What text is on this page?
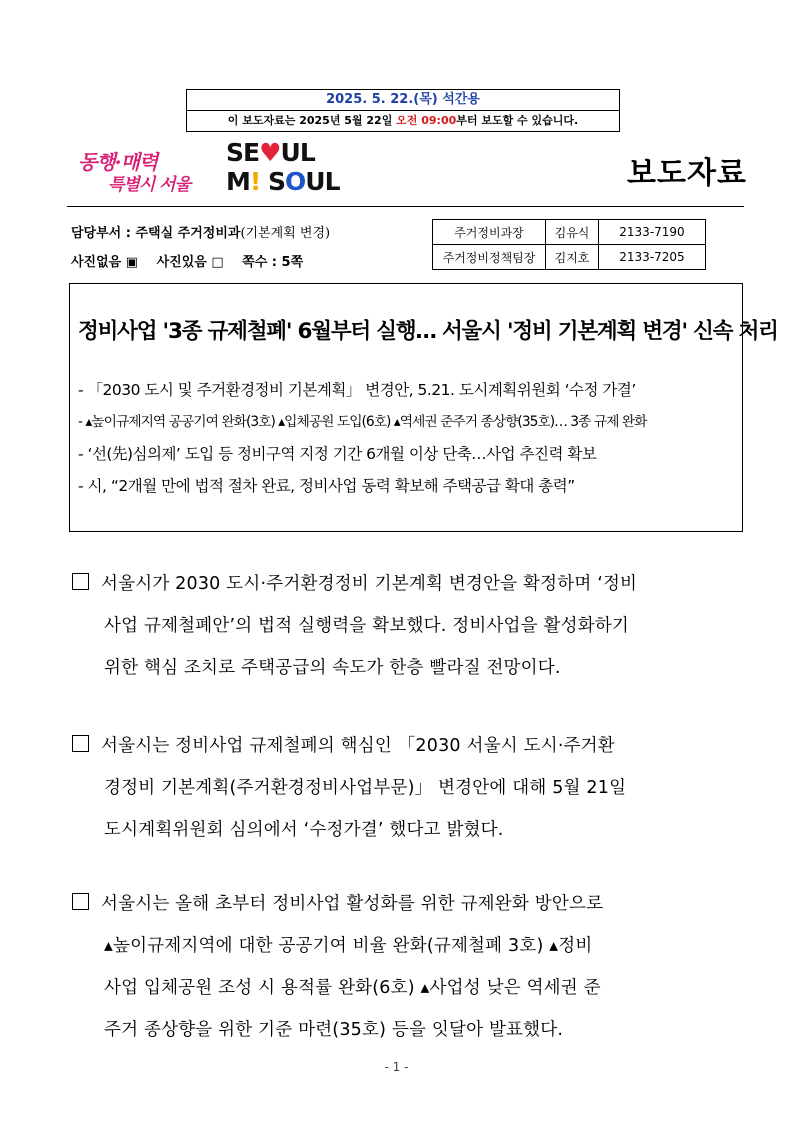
2025. 5. 22.(목) 석간용
이 보도자료는 2025년 5월 22일 오전 09:00부터 보도할 수 있습니다.
동행·매력
특별시 서울
SE♥UL
M! SOUL	보도자료
담당부서 : 주택실 주거정비과(기본계획 변경)
사진없음 ▣ 사진있음 □ 쪽수 : 5쪽
주거정비과장	김유식	2133-7190
주거정비정책팀장	김지호	2133-7205
정비사업 '3종 규제철폐' 6월부터 실행… 서울시 '정비 기본계획 변경' 신속 처리
- 「2030 도시 및 주거환경정비 기본계획」 변경안, 5.21. 도시계획위원회 ‘수정 가결’
- ▴높이규제지역 공공기여 완화(3호) ▴입체공원 도입(6호) ▴역세권 준주거 종상향(35호)… 3종 규제 완화
- ‘선(先)심의제’ 도입 등 정비구역 지정 기간 6개월 이상 단축…사업 추진력 확보
- 시, “2개월 만에 법적 절차 완료, 정비사업 동력 확보해 주택공급 확대 총력”
서울시가 2030 도시·주거환경정비 기본계획 변경안을 확정하며 ‘정비
사업 규제철폐안’의 법적 실행력을 확보했다. 정비사업을 활성화하기
위한 핵심 조치로 주택공급의 속도가 한층 빨라질 전망이다.
서울시는 정비사업 규제철폐의 핵심인 「2030 서울시 도시·주거환
경정비 기본계획(주거환경정비사업부문)」 변경안에 대해 5월 21일
도시계획위원회 심의에서 ‘수정가결’ 했다고 밝혔다.
서울시는 올해 초부터 정비사업 활성화를 위한 규제완화 방안으로
▴높이규제지역에 대한 공공기여 비율 완화(규제철폐 3호) ▴정비
사업 입체공원 조성 시 용적률 완화(6호) ▴사업성 낮은 역세권 준
주거 종상향을 위한 기준 마련(35호) 등을 잇달아 발표했다.
- 1 -
